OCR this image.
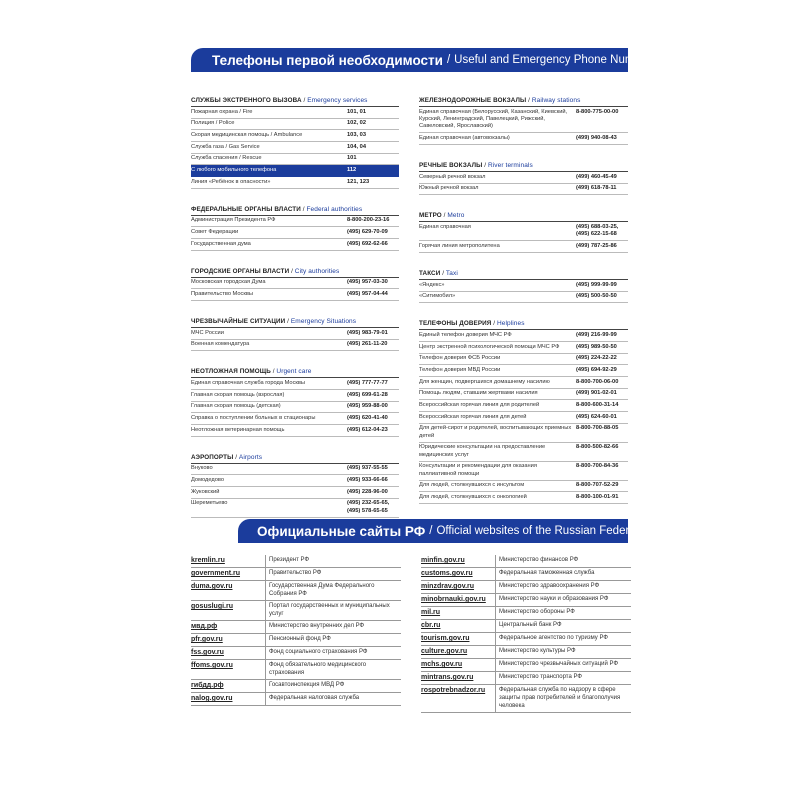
Телефоны первой необходимости / Useful and Emergency Phone Numbers
СЛУЖБЫ ЭКСТРЕННОГО ВЫЗОВА / Emergency services
Пожарная охрана / Fire	101, 01
Полиция / Police	102, 02
Скорая медицинская помощь / Ambulance	103, 03
Служба газа / Gas Service	104, 04
Служба спасения / Rescue	101
С любого мобильного телефона	112
Линия «Ребёнок в опасности»	121, 123
ФЕДЕРАЛЬНЫЕ ОРГАНЫ ВЛАСТИ / Federal authorities
Администрация Президента РФ	8-800-200-23-16
Совет Федерации	(495) 629-70-09
Государственная дума	(495) 692-62-66
ГОРОДСКИЕ ОРГАНЫ ВЛАСТИ / City authorities
Московская городская Дума	(495) 957-03-30
Правительство Москвы	(495) 957-04-44
ЧРЕЗВЫЧАЙНЫЕ СИТУАЦИИ / Emergency Situations
МЧС России	(495) 983-79-01
Военная комендатура	(495) 261-11-20
НЕОТЛОЖНАЯ ПОМОЩЬ / Urgent care
Единая справочная служба города Москвы	(495) 777-77-77
Главная скорая помощь (взрослая)	(495) 699-61-28
Главная скорая помощь (детская)	(495) 959-88-00
Справка о поступлении больных в стационары	(495) 620-41-40
Неотложная ветеринарная помощь	(495) 612-04-23
АЭРОПОРТЫ / Airports
Внуково	(495) 937-55-55
Домодедово	(495) 933-66-66
Жуковский	(495) 228-96-00
Шереметьево	(495) 232-65-65,
(495) 578-65-65
ЖЕЛЕЗНОДОРОЖНЫЕ ВОКЗАЛЫ / Railway stations
Единая справочная (Белорусский, Казанский, Киевский, Курский, Ленинградский, Павелецкий, Рижский, Савеловский, Ярославский)
8-800-775-00-00
Единая справочная (автовокзалы)	(499) 940-08-43
РЕЧНЫЕ ВОКЗАЛЫ / River terminals
Северный речной вокзал	(499) 460-45-49
Южный речной вокзал	(499) 618-78-11
МЕТРО / Metro
Единая справочная	(495) 688-03-25,
(495) 622-15-68
Горячая линия метрополитена	(499) 787-25-86
ТАКСИ / Taxi
«Яндекс»	(495) 999-99-99
«Ситимобил»	(495) 500-50-50
ТЕЛЕФОНЫ ДОВЕРИЯ / Helplines
Единый телефон доверия МЧС РФ	(499) 216-99-99
Центр экстренной психологической помощи МЧС РФ	(495) 989-50-50
Телефон доверия ФСБ России	(495) 224-22-22
Телефон доверия МВД России	(495) 694-92-29
Для женщин, подвергшихся домашнему насилию	8-800-700-06-00
Помощь людям, ставшим жертвами насилия	(499) 901-02-01
Всероссийская горячая линия для родителей	8-800-600-31-14
Всероссийская горячая линия для детей	(495) 624-60-01
Для детей-сирот и родителей, воспитывающих приемных детей
8-800-700-88-05
Юридические консультации на предоставление медицинских услуг
8-800-500-82-66
Консультации и рекомендации для оказания паллиативной помощи
8-800-700-84-36
Для людей, столкнувшихся с инсультом	8-800-707-52-29
Для людей, столкнувшихся с онкологией	8-800-100-01-91
Официальные сайты РФ / Official websites of the Russian Federation
kremlin.ru	Президент РФ
government.ru	Правительство РФ
duma.gov.ru	Государственная Дума Федерального Собрания РФ
gosuslugi.ru	Портал государственных и муниципальных услуг
мвд.рф	Министерство внутренних дел РФ
pfr.gov.ru	Пенсионный фонд РФ
fss.gov.ru	Фонд социального страхования РФ
ffoms.gov.ru	Фонд обязательного медицинского страхования
гибдд.рф	Госавтоинспекция МВД РФ
nalog.gov.ru	Федеральная налоговая служба
minfin.gov.ru	Министерство финансов РФ
customs.gov.ru	Федеральная таможенная служба
minzdrav.gov.ru	Министерство здравоохранения РФ
minobrnauki.gov.ru	Министерство науки и образования РФ
mil.ru	Министерство обороны РФ
cbr.ru	Центральный банк РФ
tourism.gov.ru	Федеральное агентство по туризму РФ
culture.gov.ru	Министерство культуры РФ
mchs.gov.ru	Министерство чрезвычайных ситуаций РФ
mintrans.gov.ru	Министерство транспорта РФ
rospotrebnadzor.ru	Федеральная служба по надзору в сфере защиты прав потребителей и благополучия человека
